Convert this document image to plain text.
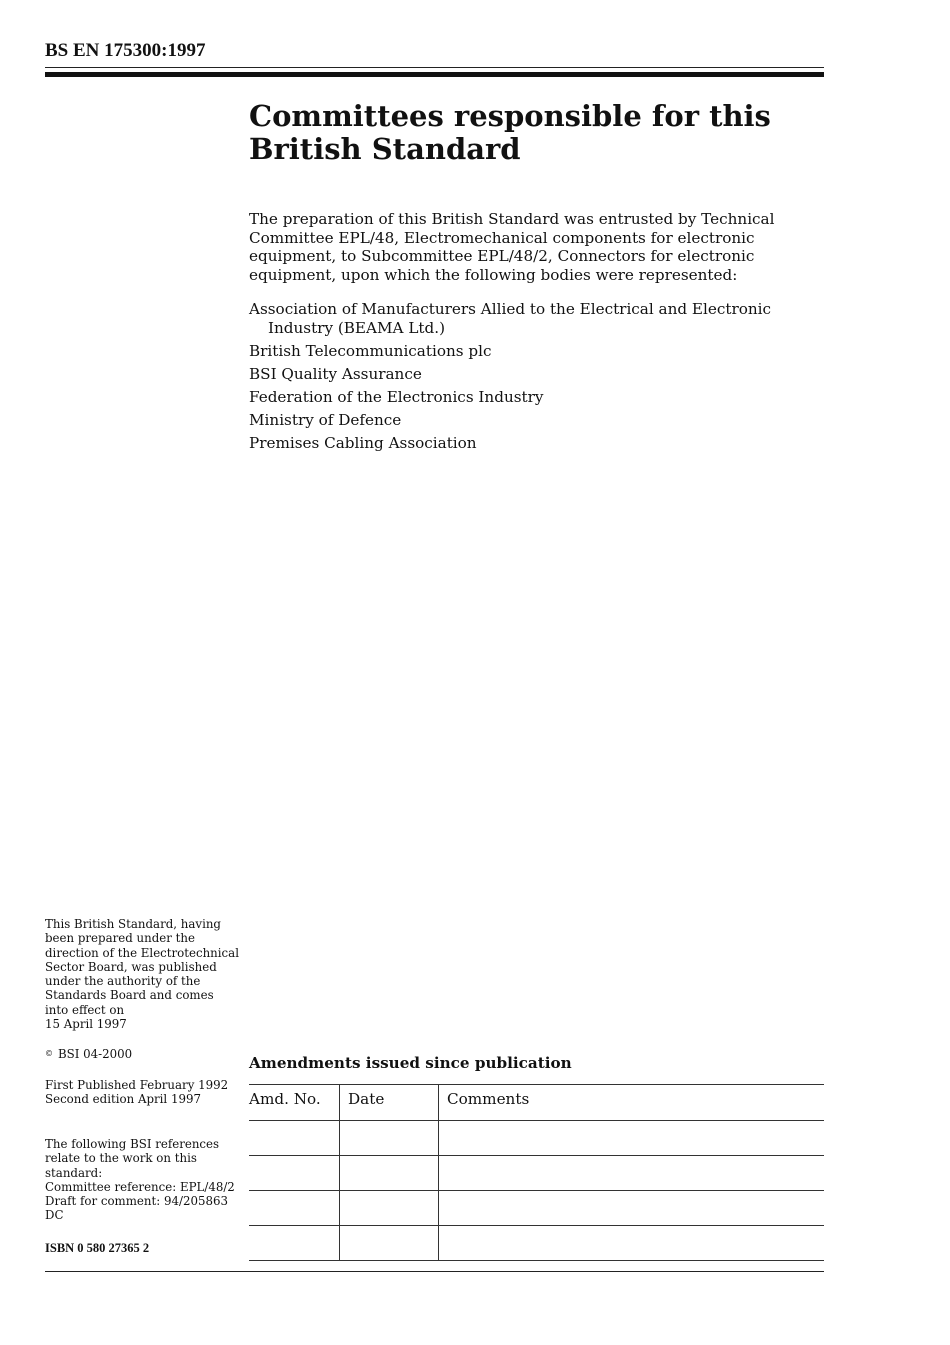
BS EN 175300:1997
Committees responsible for this
British Standard

The preparation of this British Standard was entrusted by Technical Committee EPL/48, Electromechanical components for electronic equipment, to Subcommittee EPL/48/2, Connectors for electronic equipment, upon which the following bodies were represented:

Association of Manufacturers Allied to the Electrical and Electronic Industry (BEAMA Ltd.)
British Telecommunications plc
BSI Quality Assurance
Federation of the Electronics Industry
Ministry of Defence
Premises Cabling Association

This British Standard, having

been prepared under the

direction of the Electrotechnical

Sector Board, was published

under the authority of the

Standards Board and comes

into effect on

15 April 1997

© BSI 04-2000

First Published February 1992

Second edition April 1997

The following BSI references

relate to the work on this

standard:

Committee reference: EPL/48/2

Draft for comment: 94/205863 DC

ISBN 0 580 27365 2
Amendments issued since publication
Amd. No.	Date	Comments
